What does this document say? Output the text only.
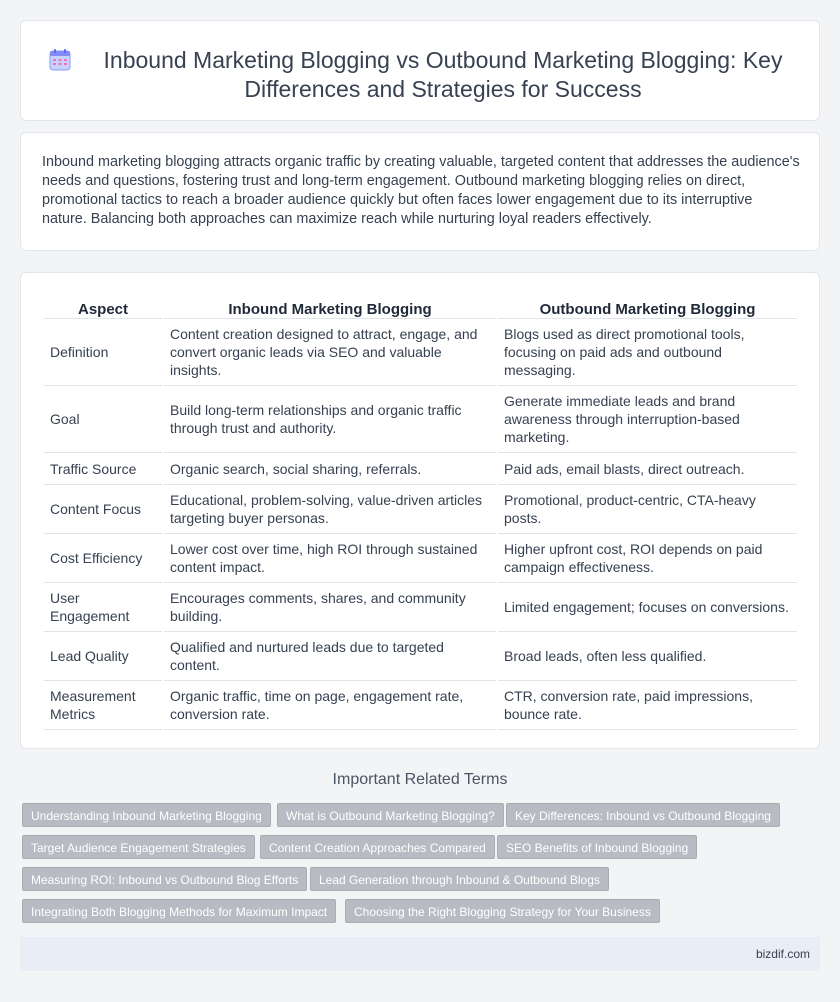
Inbound Marketing Blogging vs Outbound Marketing Blogging: Key Differences and Strategies for Success

Inbound marketing blogging attracts organic traffic by creating valuable, targeted content that addresses the audience's needs and questions, fostering trust and long-term engagement. Outbound marketing blogging relies on direct, promotional tactics to reach a broader audience quickly but often faces lower engagement due to its interruptive nature. Balancing both approaches can maximize reach while nurturing loyal readers effectively.

Aspect	Inbound Marketing Blogging	Outbound Marketing Blogging
Definition	Content creation designed to attract, engage, and convert organic leads via SEO and valuable insights.	Blogs used as direct promotional tools, focusing on paid ads and outbound messaging.
Goal	Build long-term relationships and organic traffic through trust and authority.	Generate immediate leads and brand awareness through interruption-based marketing.
Traffic Source	Organic search, social sharing, referrals.	Paid ads, email blasts, direct outreach.
Content Focus	Educational, problem-solving, value-driven articles targeting buyer personas.	Promotional, product-centric, CTA-heavy posts.
Cost Efficiency	Lower cost over time, high ROI through sustained content impact.	Higher upfront cost, ROI depends on paid campaign effectiveness.
User Engagement	Encourages comments, shares, and community building.	Limited engagement; focuses on conversions.
Lead Quality	Qualified and nurtured leads due to targeted content.	Broad leads, often less qualified.
Measurement Metrics	Organic traffic, time on page, engagement rate, conversion rate.	CTR, conversion rate, paid impressions, bounce rate.
Important Related Terms
Understanding Inbound Marketing Blogging	What is Outbound Marketing Blogging?	Key Differences: Inbound vs Outbound Blogging
Target Audience Engagement Strategies	Content Creation Approaches Compared	SEO Benefits of Inbound Blogging
Measuring ROI: Inbound vs Outbound Blog Efforts	Lead Generation through Inbound & Outbound Blogs
Integrating Both Blogging Methods for Maximum Impact	Choosing the Right Blogging Strategy for Your Business
bizdif.com
